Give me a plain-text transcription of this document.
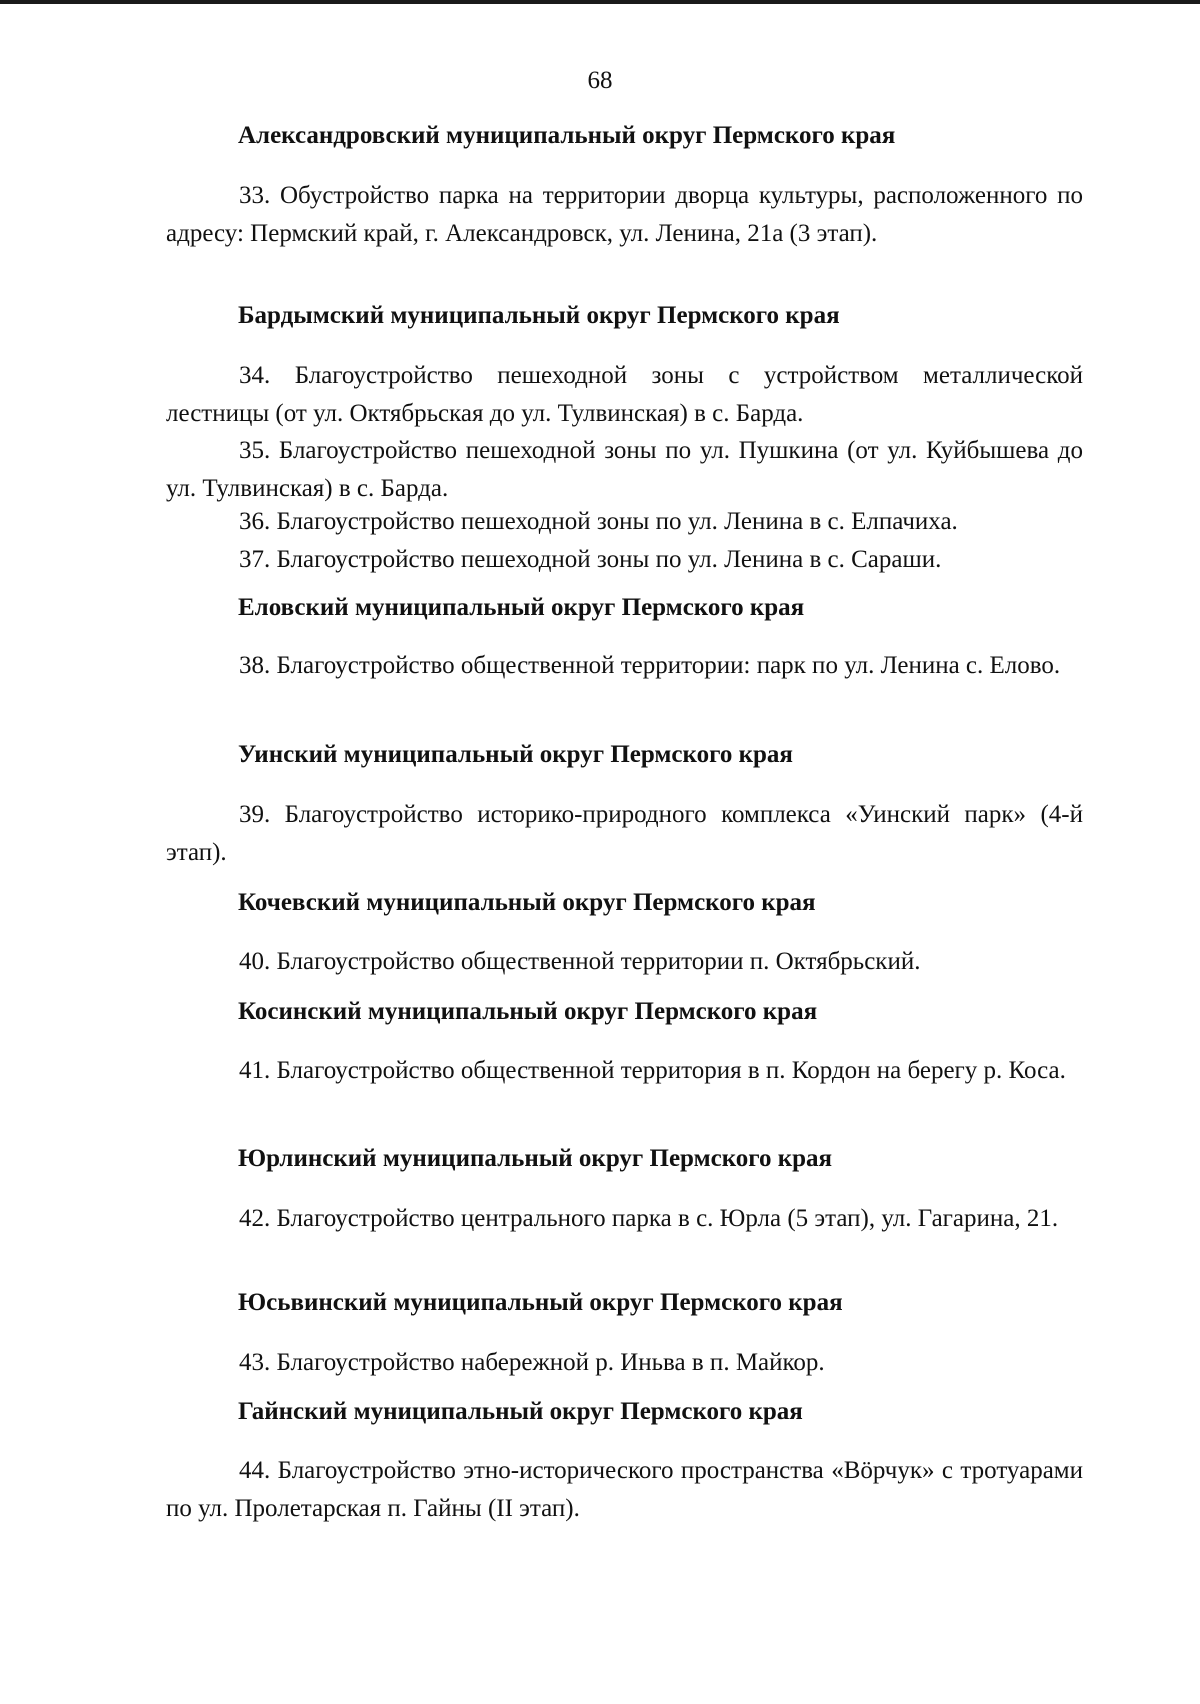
68
Александровский муниципальный округ Пермского края
33. Обустройство парка на территории дворца культуры, расположенного по адресу: Пермский край, г. Александровск, ул. Ленина, 21а (3 этап).
Бардымский муниципальный округ Пермского края
34. Благоустройство пешеходной зоны с устройством металлической лестницы (от ул. Октябрьская до ул. Тулвинская) в с. Барда.
35. Благоустройство пешеходной зоны по ул. Пушкина (от ул. Куйбышева до ул. Тулвинская) в с. Барда.
36. Благоустройство пешеходной зоны по ул. Ленина в с. Елпачиха.
37. Благоустройство пешеходной зоны по ул. Ленина в с. Сараши.
Еловский муниципальный округ Пермского края
38. Благоустройство общественной территории: парк по ул. Ленина с. Елово.
Уинский муниципальный округ Пермского края
39. Благоустройство историко-природного комплекса «Уинский парк» (4-й этап).
Кочевский муниципальный округ Пермского края
40. Благоустройство общественной территории п. Октябрьский.
Косинский муниципальный округ Пермского края
41. Благоустройство общественной территория в п. Кордон на берегу р. Коса.
Юрлинский муниципальный округ Пермского края
42. Благоустройство центрального парка в с. Юрла (5 этап), ул. Гагарина, 21.
Юсьвинский муниципальный округ Пермского края
43. Благоустройство набережной р. Иньва в п. Майкор.
Гайнский муниципальный округ Пермского края
44. Благоустройство этно-исторического пространства «Вӧрчук» с тротуарами по ул. Пролетарская п. Гайны (II этап).
